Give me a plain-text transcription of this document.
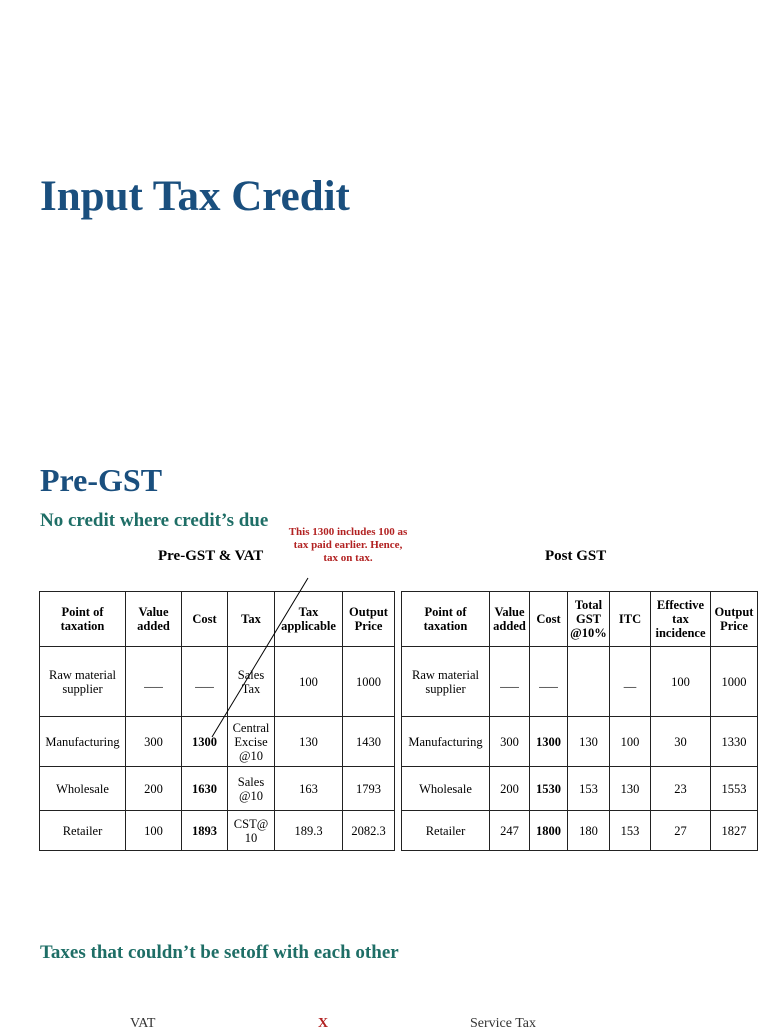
Input Tax Credit
Pre-GST
No credit where credit’s due
Pre-GST & VAT	Post GST
This 1300 includes 100 as tax paid earlier. Hence, tax on tax.
Point of taxation	Value added	Cost	Tax	Tax applicable	Output Price
Raw material supplier	___	___	Sales Tax	100	1000
Manufacturing	300	1300	Central Excise @10	130	1430
Wholesale	200	1630	Sales @10	163	1793
Retailer	100	1893	CST@ 10	189.3	2082.3
Point of taxation	Value added	Cost	Total GST @10%	ITC	Effective tax incidence	Output Price
Raw material supplier	___	___		__	100	1000
Manufacturing	300	1300	130	100	30	1330
Wholesale	200	1530	153	130	23	1553
Retailer	247	1800	180	153	27	1827
Taxes that couldn’t be setoff with each other
VAT	X	Service Tax
